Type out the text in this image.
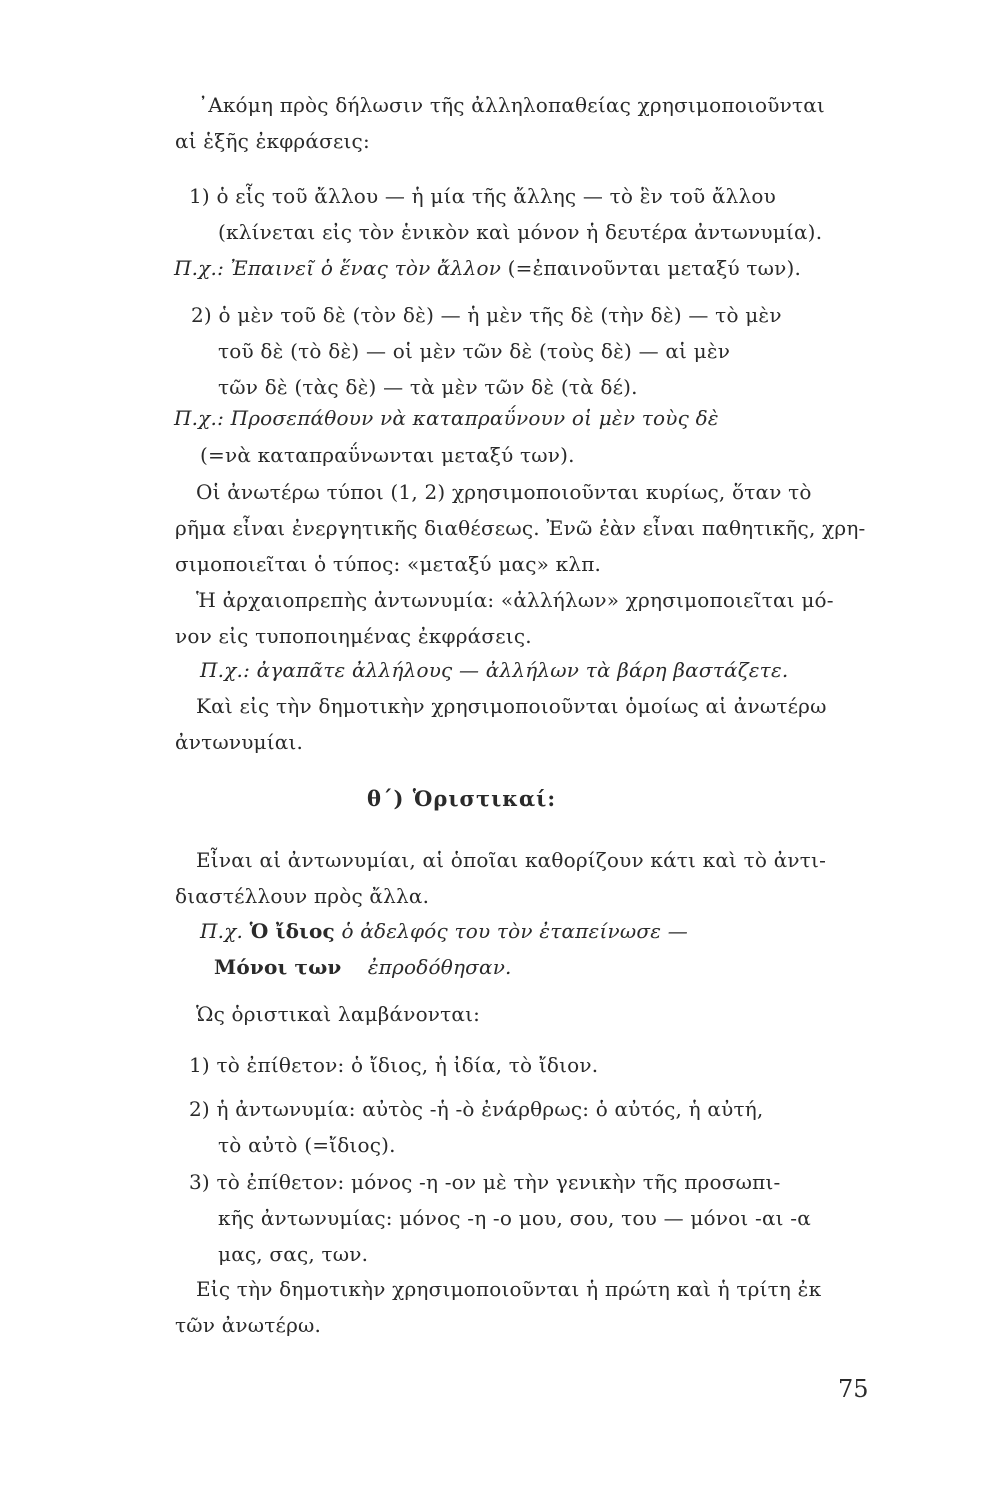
᾿Ακόμη πρὸς δήλωσιν τῆς ἀλληλοπαθείας χρησιμοποιοῦνται
αἱ ἑξῆς ἐκφράσεις:
1) ὁ εἷς τοῦ ἄλλου — ἡ μία τῆς ἄλλης — τὸ ἓν τοῦ ἄλλου
(κλίνεται εἰς τὸν ἑνικὸν καὶ μόνον ἡ δευτέρα ἀντωνυμία).
Π.χ.: Ἐπαινεῖ ὁ ἕνας τὸν ἄλλον (=ἐπαινοῦνται μεταξύ των).
2) ὁ μὲν τοῦ δὲ (τὸν δὲ) — ἡ μὲν τῆς δὲ (τὴν δὲ) — τὸ μὲν
τοῦ δὲ (τὸ δὲ) — οἱ μὲν τῶν δὲ (τοὺς δὲ) — αἱ μὲν
τῶν δὲ (τὰς δὲ) — τὰ μὲν τῶν δὲ (τὰ δέ).
Π.χ.: Προσεπάθουν νὰ καταπραΰνουν οἱ μὲν τοὺς δὲ
(=νὰ καταπραΰνωνται μεταξύ των).
Οἱ ἀνωτέρω τύποι (1, 2) χρησιμοποιοῦνται κυρίως, ὅταν τὸ
ρῆμα εἶναι ἐνεργητικῆς διαθέσεως. Ἐνῶ ἐὰν εἶναι παθητικῆς, χρη-
σιμοποιεῖται ὁ τύπος: «μεταξύ μας» κλπ.
Ἡ ἀρχαιοπρεπὴς ἀντωνυμία: «ἀλλήλων» χρησιμοποιεῖται μό-
νον εἰς τυποποιημένας ἐκφράσεις.
Π.χ.: ἀγαπᾶτε ἀλλήλους — ἀλλήλων τὰ βάρη βαστάζετε.
Καὶ εἰς τὴν δημοτικὴν χρησιμοποιοῦνται ὁμοίως αἱ ἀνωτέρω
ἀντωνυμίαι.
θ΄) Ὁριστικαί:
Εἶναι αἱ ἀντωνυμίαι, αἱ ὁποῖαι καθορίζουν κάτι καὶ τὸ ἀντι-
διαστέλλουν πρὸς ἄλλα.
Π.χ. Ὁ ἴδιος ὁ ἀδελφός του τὸν ἐταπείνωσε —
Μόνοι των ἐπροδόθησαν.
Ὡς ὁριστικαὶ λαμβάνονται:
1) τὸ ἐπίθετον: ὁ ἴδιος, ἡ ἰδία, τὸ ἴδιον.
2) ἡ ἀντωνυμία: αὐτὸς -ἡ -ὸ ἐνάρθρως: ὁ αὐτός, ἡ αὐτή,
τὸ αὐτὸ (=ἴδιος).
3) τὸ ἐπίθετον: μόνος -η -ον μὲ τὴν γενικὴν τῆς προσωπι-
κῆς ἀντωνυμίας: μόνος -η -ο μου, σου, του — μόνοι -αι -α
μας, σας, των.
Εἰς τὴν δημοτικὴν χρησιμοποιοῦνται ἡ πρώτη καὶ ἡ τρίτη ἐκ
τῶν ἀνωτέρω.
75
